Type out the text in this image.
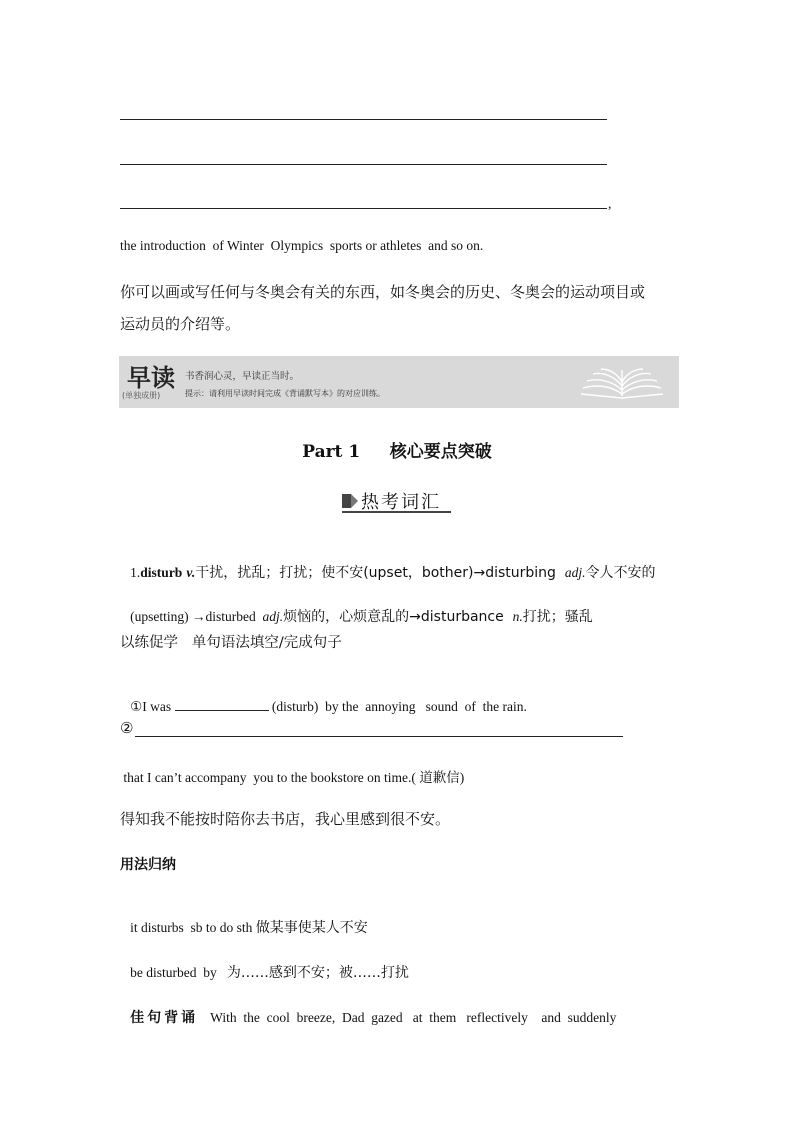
,
the introduction  of Winter  Olympics  sports or athletes  and so on.
你可以画或写任何与冬奥会有关的东西，如冬奥会的历史、冬奥会的运动项目或
运动员的介绍等。
早读
(单独成册)
书香润心灵，早读正当时。
提示：请利用早读时间完成《背诵默写本》的对应训练。
Part 1     核心要点突破
热考词汇

1.disturb v.干扰，扰乱；打扰；使不安(upset，bother)→disturbing  adj.令人不安的

(upsetting) →disturbed  adj.烦恼的，心烦意乱的→disturbance  n.打扰；骚乱

以练促学   单句语法填空/完成句子

①I was	(disturb)  by the  annoying   sound  of  the rain.

②
that I can’t accompany  you to the bookstore on time.( 道歉信)
得知我不能按时陪你去书店，我心里感到很不安。
用法归纳

it disturbs  sb to do sth 做某事使某人不安

be disturbed  by   为……感到不安；被……打扰

佳句背诵 With  the  cool  breeze,  Dad  gazed   at  them   reflectively    and  suddenly
